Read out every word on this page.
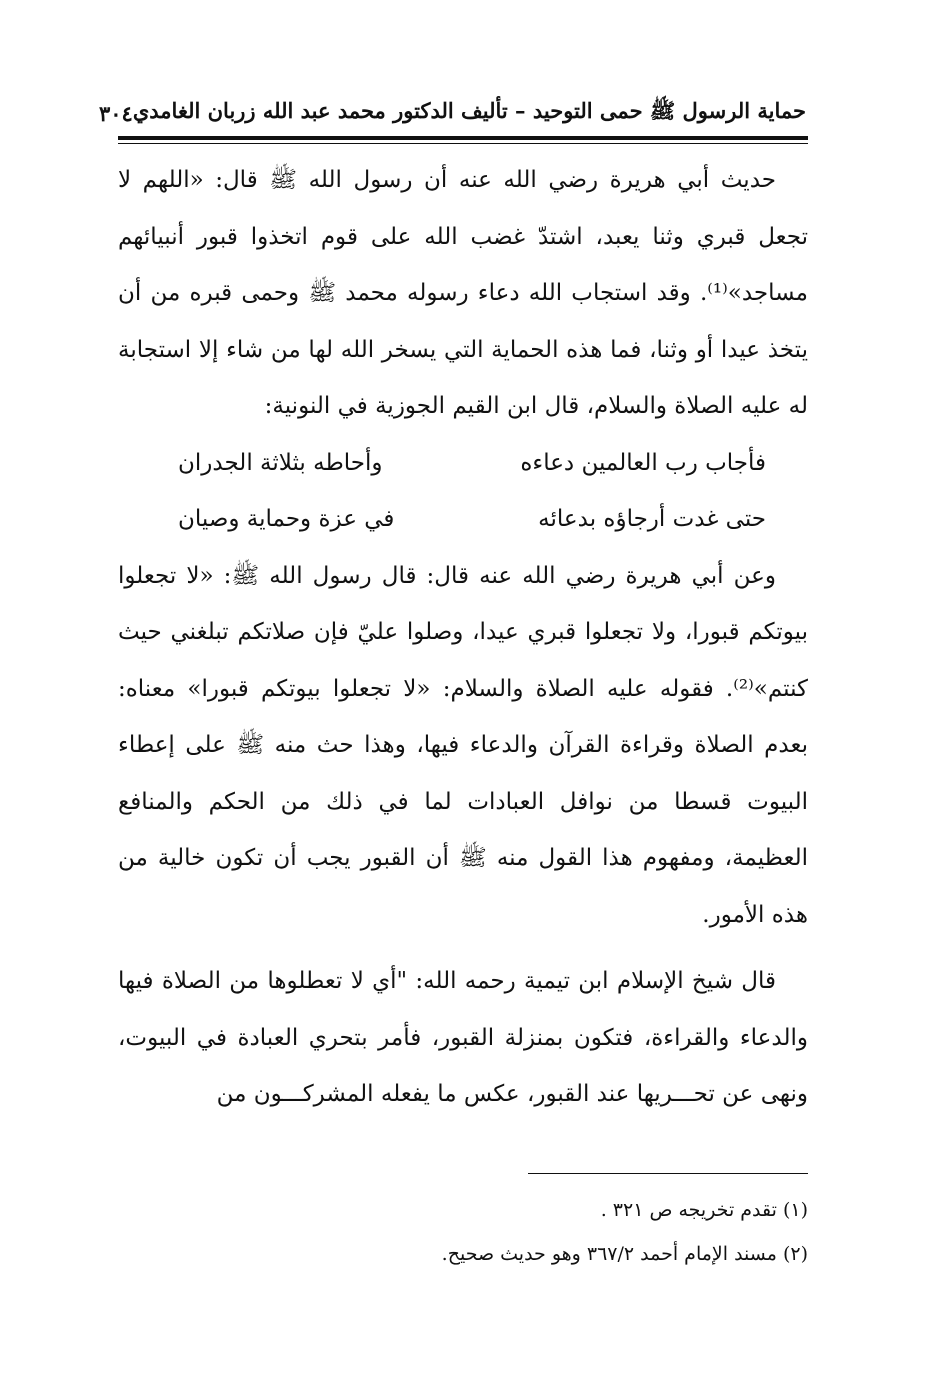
حماية الرسول ﷺ حمى التوحيد – تأليف الدكتور محمد عبد الله زربان الغامدي
٣٠٤

حديث أبي هريرة رضي الله عنه أن رسول الله ﷺ قال: «اللهم لا تجعل قبري وثنا يعبد، اشتدّ غضب الله على قوم اتخذوا قبور أنبيائهم مساجد»⁽¹⁾. وقد استجاب الله دعاء رسوله محمد ﷺ وحمى قبره من أن يتخذ عيدا أو وثنا، فما هذه الحماية التي يسخر الله لها من شاء إلا استجابة له عليه الصلاة والسلام، قال ابن القيم الجوزية في النونية:

فأجاب رب العالمين دعاءه
وأحاطه بثلاثة الجدران
حتى غدت أرجاؤه بدعائه
في عزة وحماية وصيان

وعن أبي هريرة رضي الله عنه قال: قال رسول الله ﷺ: «لا تجعلوا بيوتكم قبورا، ولا تجعلوا قبري عيدا، وصلوا عليّ فإن صلاتكم تبلغني حيث كنتم»⁽²⁾. فقوله عليه الصلاة والسلام: «لا تجعلوا بيوتكم قبورا» معناه: بعدم الصلاة وقراءة القرآن والدعاء فيها، وهذا حث منه ﷺ على إعطاء البيوت قسطا من نوافل العبادات لما في ذلك من الحكم والمنافع العظيمة، ومفهوم هذا القول منه ﷺ أن القبور يجب أن تكون خالية من هذه الأمور.

قال شيخ الإسلام ابن تيمية رحمه الله: "أي لا تعطلوها من الصلاة فيها والدعاء والقراءة، فتكون بمنزلة القبور، فأمر بتحري العبادة في البيوت، ونهى عن تحـــريها عند القبور، عكس ما يفعله المشركـــون من

(١) تقدم تخريجه ص ٣٢١ .

(٢) مسند الإمام أحمد ٣٦٧/٢ وهو حديث صحيح.
